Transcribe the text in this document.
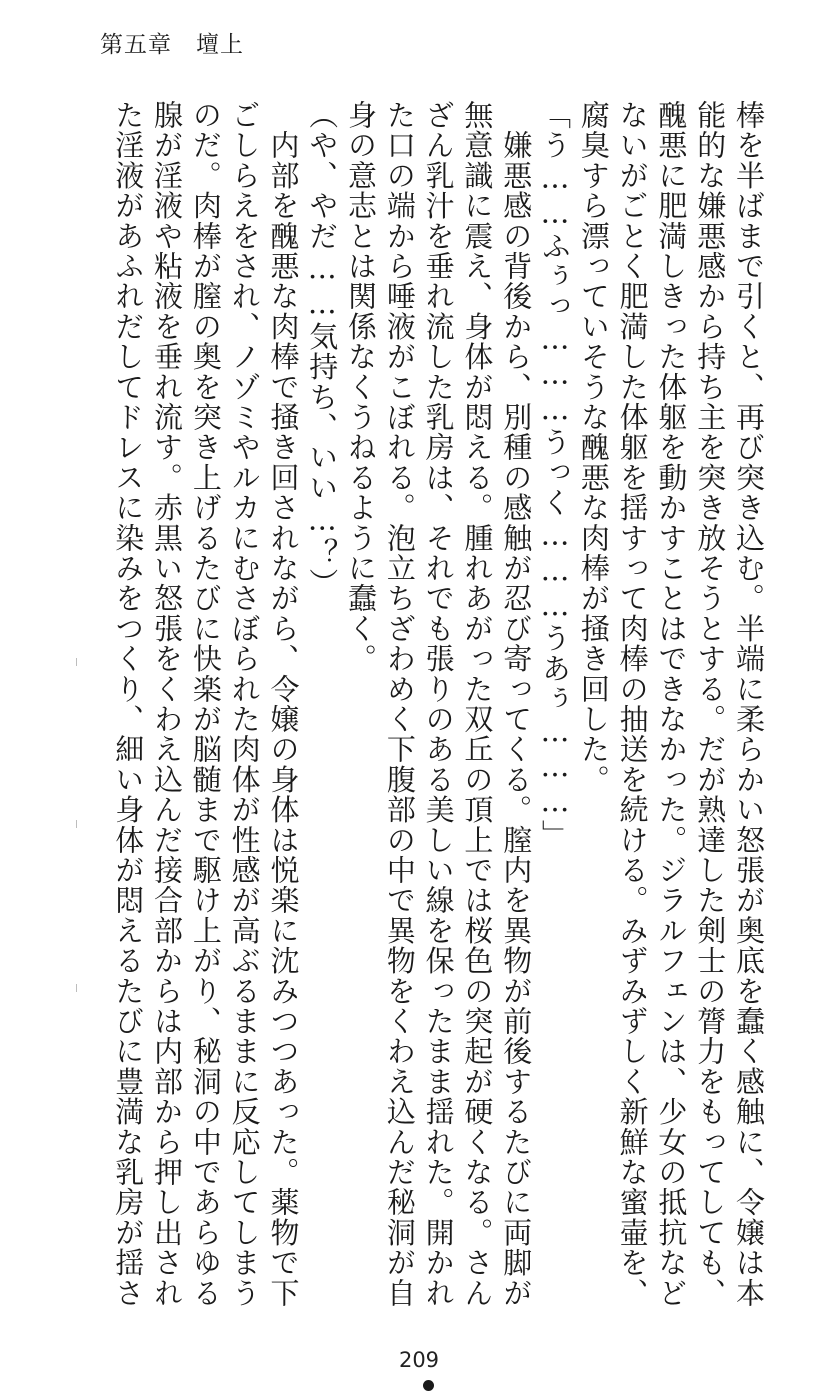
第五章　壇上
棒を半ばまで引くと、再び突き込む。半端に柔らかい怒張が奥底を蠢く感触に、令嬢は本
能的な嫌悪感から持ち主を突き放そうとする。だが熟達した剣士の膂力をもってしても、
醜悪に肥満しきった体躯を動かすことはできなかった。ジラルフェンは、少女の抵抗など
ないがごとく肥満した体躯を揺すって肉棒の抽送を続ける。みずみずしく新鮮な蜜壷を、
腐臭すら漂っていそうな醜悪な肉棒が掻き回した。
「う……ふぅっ………うっく………うあぅ………」
　嫌悪感の背後から、別種の感触が忍び寄ってくる。膣内を異物が前後するたびに両脚が
無意識に震え、身体が悶える。腫れあがった双丘の頂上では桜色の突起が硬くなる。さん
ざん乳汁を垂れ流した乳房は、それでも張りのある美しい線を保ったまま揺れた。開かれ
た口の端から唾液がこぼれる。泡立ちざわめく下腹部の中で異物をくわえ込んだ秘洞が自
身の意志とは関係なくうねるように蠢く。
（や、やだ……気持ち、いい…？）
　内部を醜悪な肉棒で掻き回されながら、令嬢の身体は悦楽に沈みつつあった。薬物で下
ごしらえをされ、ノゾミやルカにむさぼられた肉体が性感が高ぶるままに反応してしまう
のだ。肉棒が膣の奥を突き上げるたびに快楽が脳髄まで駆け上がり、秘洞の中であらゆる
腺が淫液や粘液を垂れ流す。赤黒い怒張をくわえ込んだ接合部からは内部から押し出され
た淫液があふれだしてドレスに染みをつくり、細い身体が悶えるたびに豊満な乳房が揺さ
209
